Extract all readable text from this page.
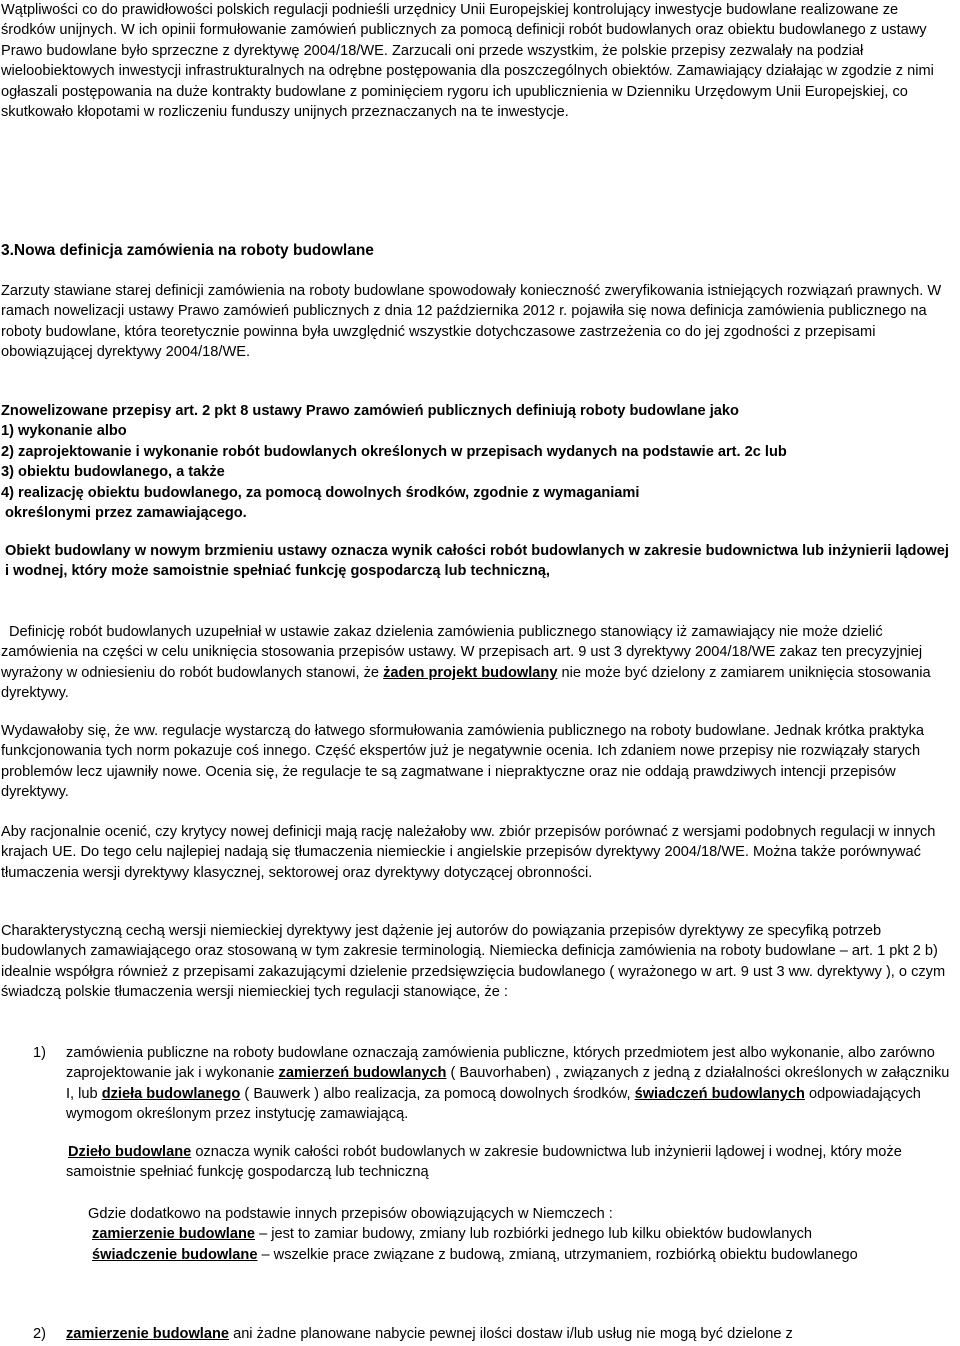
Wątpliwości co do prawidłowości polskich regulacji podnieśli urzędnicy Unii Europejskiej kontrolujący inwestycje budowlane realizowane ze środków unijnych. W ich opinii formułowanie zamówień publicznych za pomocą definicji robót budowlanych oraz obiektu budowlanego z ustawy Prawo budowlane było sprzeczne z dyrektywę 2004/18/WE. Zarzucali oni przede wszystkim, że polskie przepisy zezwalały na podział wieloobiektowych inwestycji infrastrukturalnych na odrębne postępowania dla poszczególnych obiektów. Zamawiający działając w zgodzie z nimi ogłaszali postępowania na duże kontrakty budowlane z pominięciem rygoru ich upublicznienia w Dzienniku Urzędowym Unii Europejskiej, co skutkowało kłopotami w rozliczeniu funduszy unijnych przeznaczanych na te inwestycje.

3.Nowa definicja zamówienia na roboty budowlane

Zarzuty stawiane starej definicji zamówienia na roboty budowlane spowodowały konieczność zweryfikowania istniejących rozwiązań prawnych. W ramach nowelizacji ustawy Prawo zamówień publicznych z dnia 12 października 2012 r. pojawiła się nowa definicja zamówienia publicznego na roboty budowlane, która teoretycznie powinna była uwzględnić wszystkie dotychczasowe zastrzeżenia co do jej zgodności z przepisami obowiązującej dyrektywy 2004/18/WE.

Znowelizowane przepisy art. 2 pkt 8 ustawy Prawo zamówień publicznych definiują roboty budowlane jako
1) wykonanie albo
2) zaprojektowanie i wykonanie robót budowlanych określonych w przepisach wydanych na podstawie art. 2c lub
3) obiektu budowlanego, a także
4) realizację obiektu budowlanego, za pomocą dowolnych środków, zgodnie z wymaganiami
określonymi przez zamawiającego.

Obiekt budowlany w nowym brzmieniu ustawy oznacza wynik całości robót budowlanych w zakresie budownictwa lub inżynierii lądowej i wodnej, który może samoistnie spełniać funkcję gospodarczą lub techniczną,

Definicję robót budowlanych uzupełniał w ustawie zakaz dzielenia zamówienia publicznego stanowiący iż zamawiający nie może dzielić zamówienia na części w celu uniknięcia stosowania przepisów ustawy. W przepisach art. 9 ust 3 dyrektywy 2004/18/WE zakaz ten precyzyjniej wyrażony w odniesieniu do robót budowlanych stanowi, że żaden projekt budowlany nie może być dzielony z zamiarem uniknięcia stosowania dyrektywy.

Wydawałoby się, że ww. regulacje wystarczą do łatwego sformułowania zamówienia publicznego na roboty budowlane. Jednak krótka praktyka funkcjonowania tych norm pokazuje coś innego. Część ekspertów już je negatywnie ocenia. Ich zdaniem nowe przepisy nie rozwiązały starych problemów lecz ujawniły nowe. Ocenia się, że regulacje te są zagmatwane i niepraktyczne oraz nie oddają prawdziwych intencji przepisów dyrektywy.

Aby racjonalnie ocenić, czy krytycy nowej definicji mają rację należałoby ww. zbiór przepisów porównać z wersjami podobnych regulacji w innych krajach UE. Do tego celu najlepiej nadają się tłumaczenia niemieckie i angielskie przepisów dyrektywy 2004/18/WE. Można także porównywać tłumaczenia wersji dyrektywy klasycznej, sektorowej oraz dyrektywy dotyczącej obronności.

Charakterystyczną cechą wersji niemieckiej dyrektywy jest dążenie jej autorów do powiązania przepisów dyrektywy ze specyfiką potrzeb budowlanych zamawiającego oraz stosowaną w tym zakresie terminologią. Niemiecka definicja zamówienia na roboty budowlane – art. 1 pkt 2 b) idealnie współgra również z przepisami zakazującymi dzielenie przedsięwzięcia budowlanego ( wyrażonego w art. 9 ust 3 ww. dyrektywy ), o czym świadczą polskie tłumaczenia wersji niemieckiej tych regulacji stanowiące, że :

1) zamówienia publiczne na roboty budowlane oznaczają zamówienia publiczne, których przedmiotem jest albo wykonanie, albo zarówno zaprojektowanie jak i wykonanie zamierzeń budowlanych ( Bauvorhaben) , związanych z jedną z działalności określonych w załączniku I, lub dzieła budowlanego ( Bauwerk ) albo realizacja, za pomocą dowolnych środków, świadczeń budowlanych odpowiadających wymogom określonym przez instytucję zamawiającą.
Dzieło budowlane oznacza wynik całości robót budowlanych w zakresie budownictwa lub inżynierii lądowej i wodnej, który może samoistnie spełniać funkcję gospodarczą lub techniczną
Gdzie dodatkowo na podstawie innych przepisów obowiązujących w Niemczech :
zamierzenie budowlane – jest to zamiar budowy, zmiany lub rozbiórki jednego lub kilku obiektów budowlanych
świadczenie budowlane – wszelkie prace związane z budową, zmianą, utrzymaniem, rozbiórką obiektu budowlanego
2) zamierzenie budowlane ani żadne planowane nabycie pewnej ilości dostaw i/lub usług nie mogą być dzielone z
